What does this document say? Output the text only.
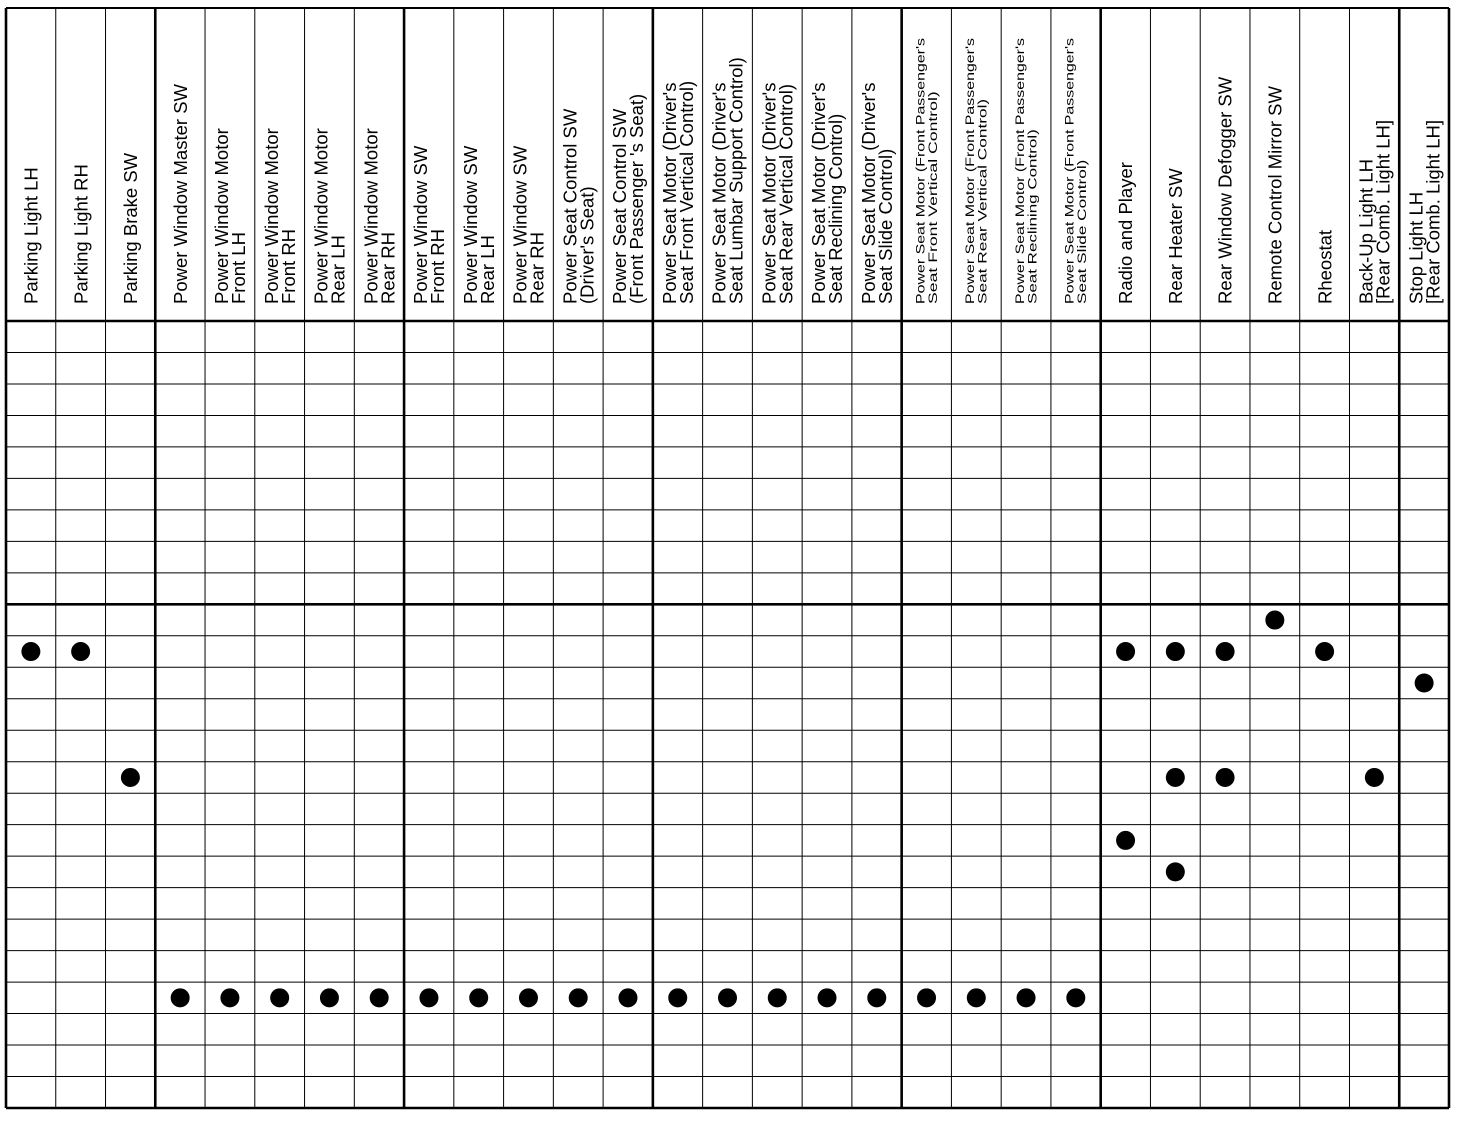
Parking Light LH Parking Light RH Parking Brake SW Power Window Master SW Power Window Motor
Front LH Power Window Motor
Front RH Power Window Motor
Rear LH Power Window Motor
Rear RH Power Window SW
Front RH Power Window SW
Rear LH Power Window SW
Rear RH Power Seat Control SW
(Driver's Seat) Power Seat Control SW
(Front Passenger 's Seat) Power Seat Motor (Driver's
Seat Front Vertical Control) Power Seat Motor (Driver's
Seat Lumbar Support Control) Power Seat Motor (Driver's
Seat Rear Vertical Control) Power Seat Motor (Driver's
Seat Reclining Control) Power Seat Motor (Driver's
Seat Slide Control) Power Seat Motor (Front Passenger's Seat Front Vertical Control) Power Seat Motor (Front Passenger's Seat Rear Vertical Control) Power Seat Motor (Front Passenger's Seat Reclining Control) Power Seat Motor (Front Passenger's Seat Slide Control) Radio and Player Rear Heater SW Rear Window Defogger SW Remote Control Mirror SW Rheostat Back-Up Light LH
[Rear Comb. Light LH] Stop Light LH
[Rear Comb. Light LH]
